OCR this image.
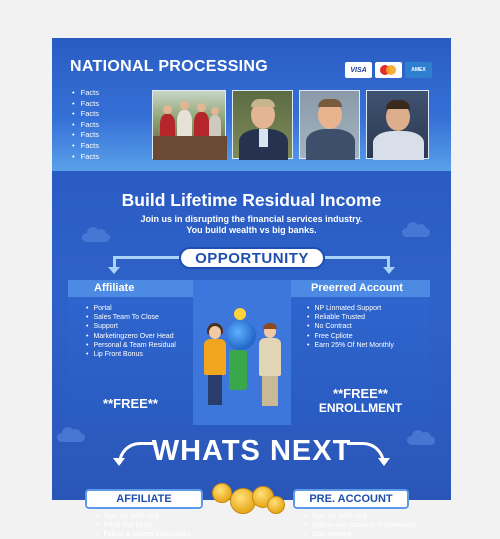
NATIONAL PROCESSING	VISA	AMEX
• Facts
• Facts
• Facts
• Facts
• Facts
• Facts
• Facts
Build Lifetime Residual Income
Join us in disrupting the financial services industry.
You build wealth vs big banks.
OPPORTUNITY
Affiliate
• Portal
• Sales Team To Close
• Support
• Marketingzero Over Head
• Personal & Team Residual
• Lip Front Bonus
**FREE**
Preerred Account
• NP Linmated Support
• Reliable Trusted
• No Contract
• Free Cpliote
• Earn 25% Of Net Monthly
**FREE**
ENROLLMENT
WHATS NEXT
AFFILIATE	PRE. ACCOUNT
• Sign Up With Link
• Filled Out Form
• Follow & Maked Instructions
• Sign Up With Link
• Submit own account 1/ Statement
• Start earning
